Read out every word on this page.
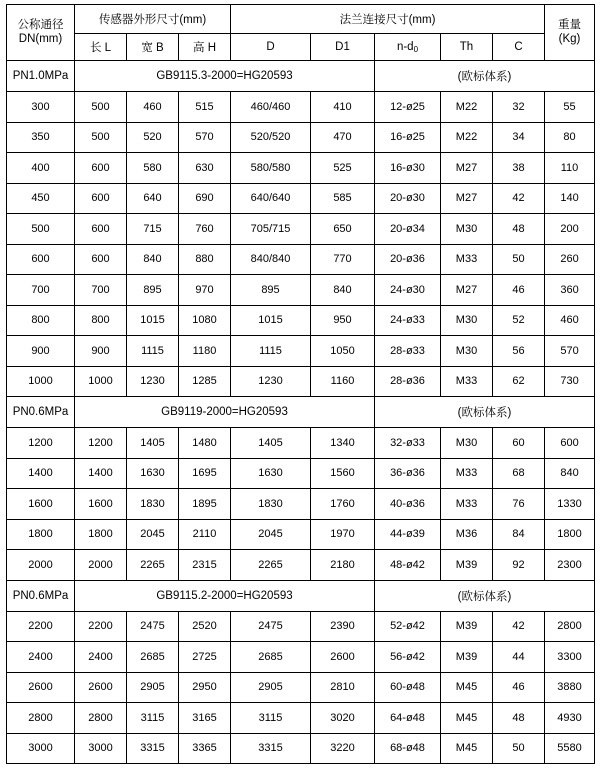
公称通径
DN(mm)	传感器外形尺寸(mm)			法兰连接尺寸(mm)					重量
(Kg)

	长 L	宽 B	高 H	D	D1	$n-d_0$	Th	C	
PN1.0MPa	GB9115.3-2000=HG20593					(欧标体系)			
300	500	460	515	460/460	410	12-ø25	M22	32	55
350	500	520	570	520/520	470	16-ø25	M22	34	80
400	600	580	630	580/580	525	16-ø30	M27	38	110
450	600	640	690	640/640	585	20-ø30	M27	42	140
500	600	715	760	705/715	650	20-ø34	M30	48	200
600	600	840	880	840/840	770	20-ø36	M33	50	260
700	700	895	970	895	840	24-ø30	M27	46	360
800	800	1015	1080	1015	950	24-ø33	M30	52	460
900	900	1115	1180	1115	1050	28-ø33	M30	56	570
1000	1000	1230	1285	1230	1160	28-ø36	M33	62	730
PN0.6MPa	GB9119-2000=HG20593					(欧标体系)			
1200	1200	1405	1480	1405	1340	32-ø33	M30	60	600
1400	1400	1630	1695	1630	1560	36-ø36	M33	68	840
1600	1600	1830	1895	1830	1760	40-ø36	M33	76	1330
1800	1800	2045	2110	2045	1970	44-ø39	M36	84	1800
2000	2000	2265	2315	2265	2180	48-ø42	M39	92	2300
PN0.6MPa	GB9115.2-2000=HG20593					(欧标体系)			
2200	2200	2475	2520	2475	2390	52-ø42	M39	42	2800
2400	2400	2685	2725	2685	2600	56-ø42	M39	44	3300
2600	2600	2905	2950	2905	2810	60-ø48	M45	46	3880
2800	2800	3115	3165	3115	3020	64-ø48	M45	48	4930
3000	3000	3315	3365	3315	3220	68-ø48	M45	50	5580
